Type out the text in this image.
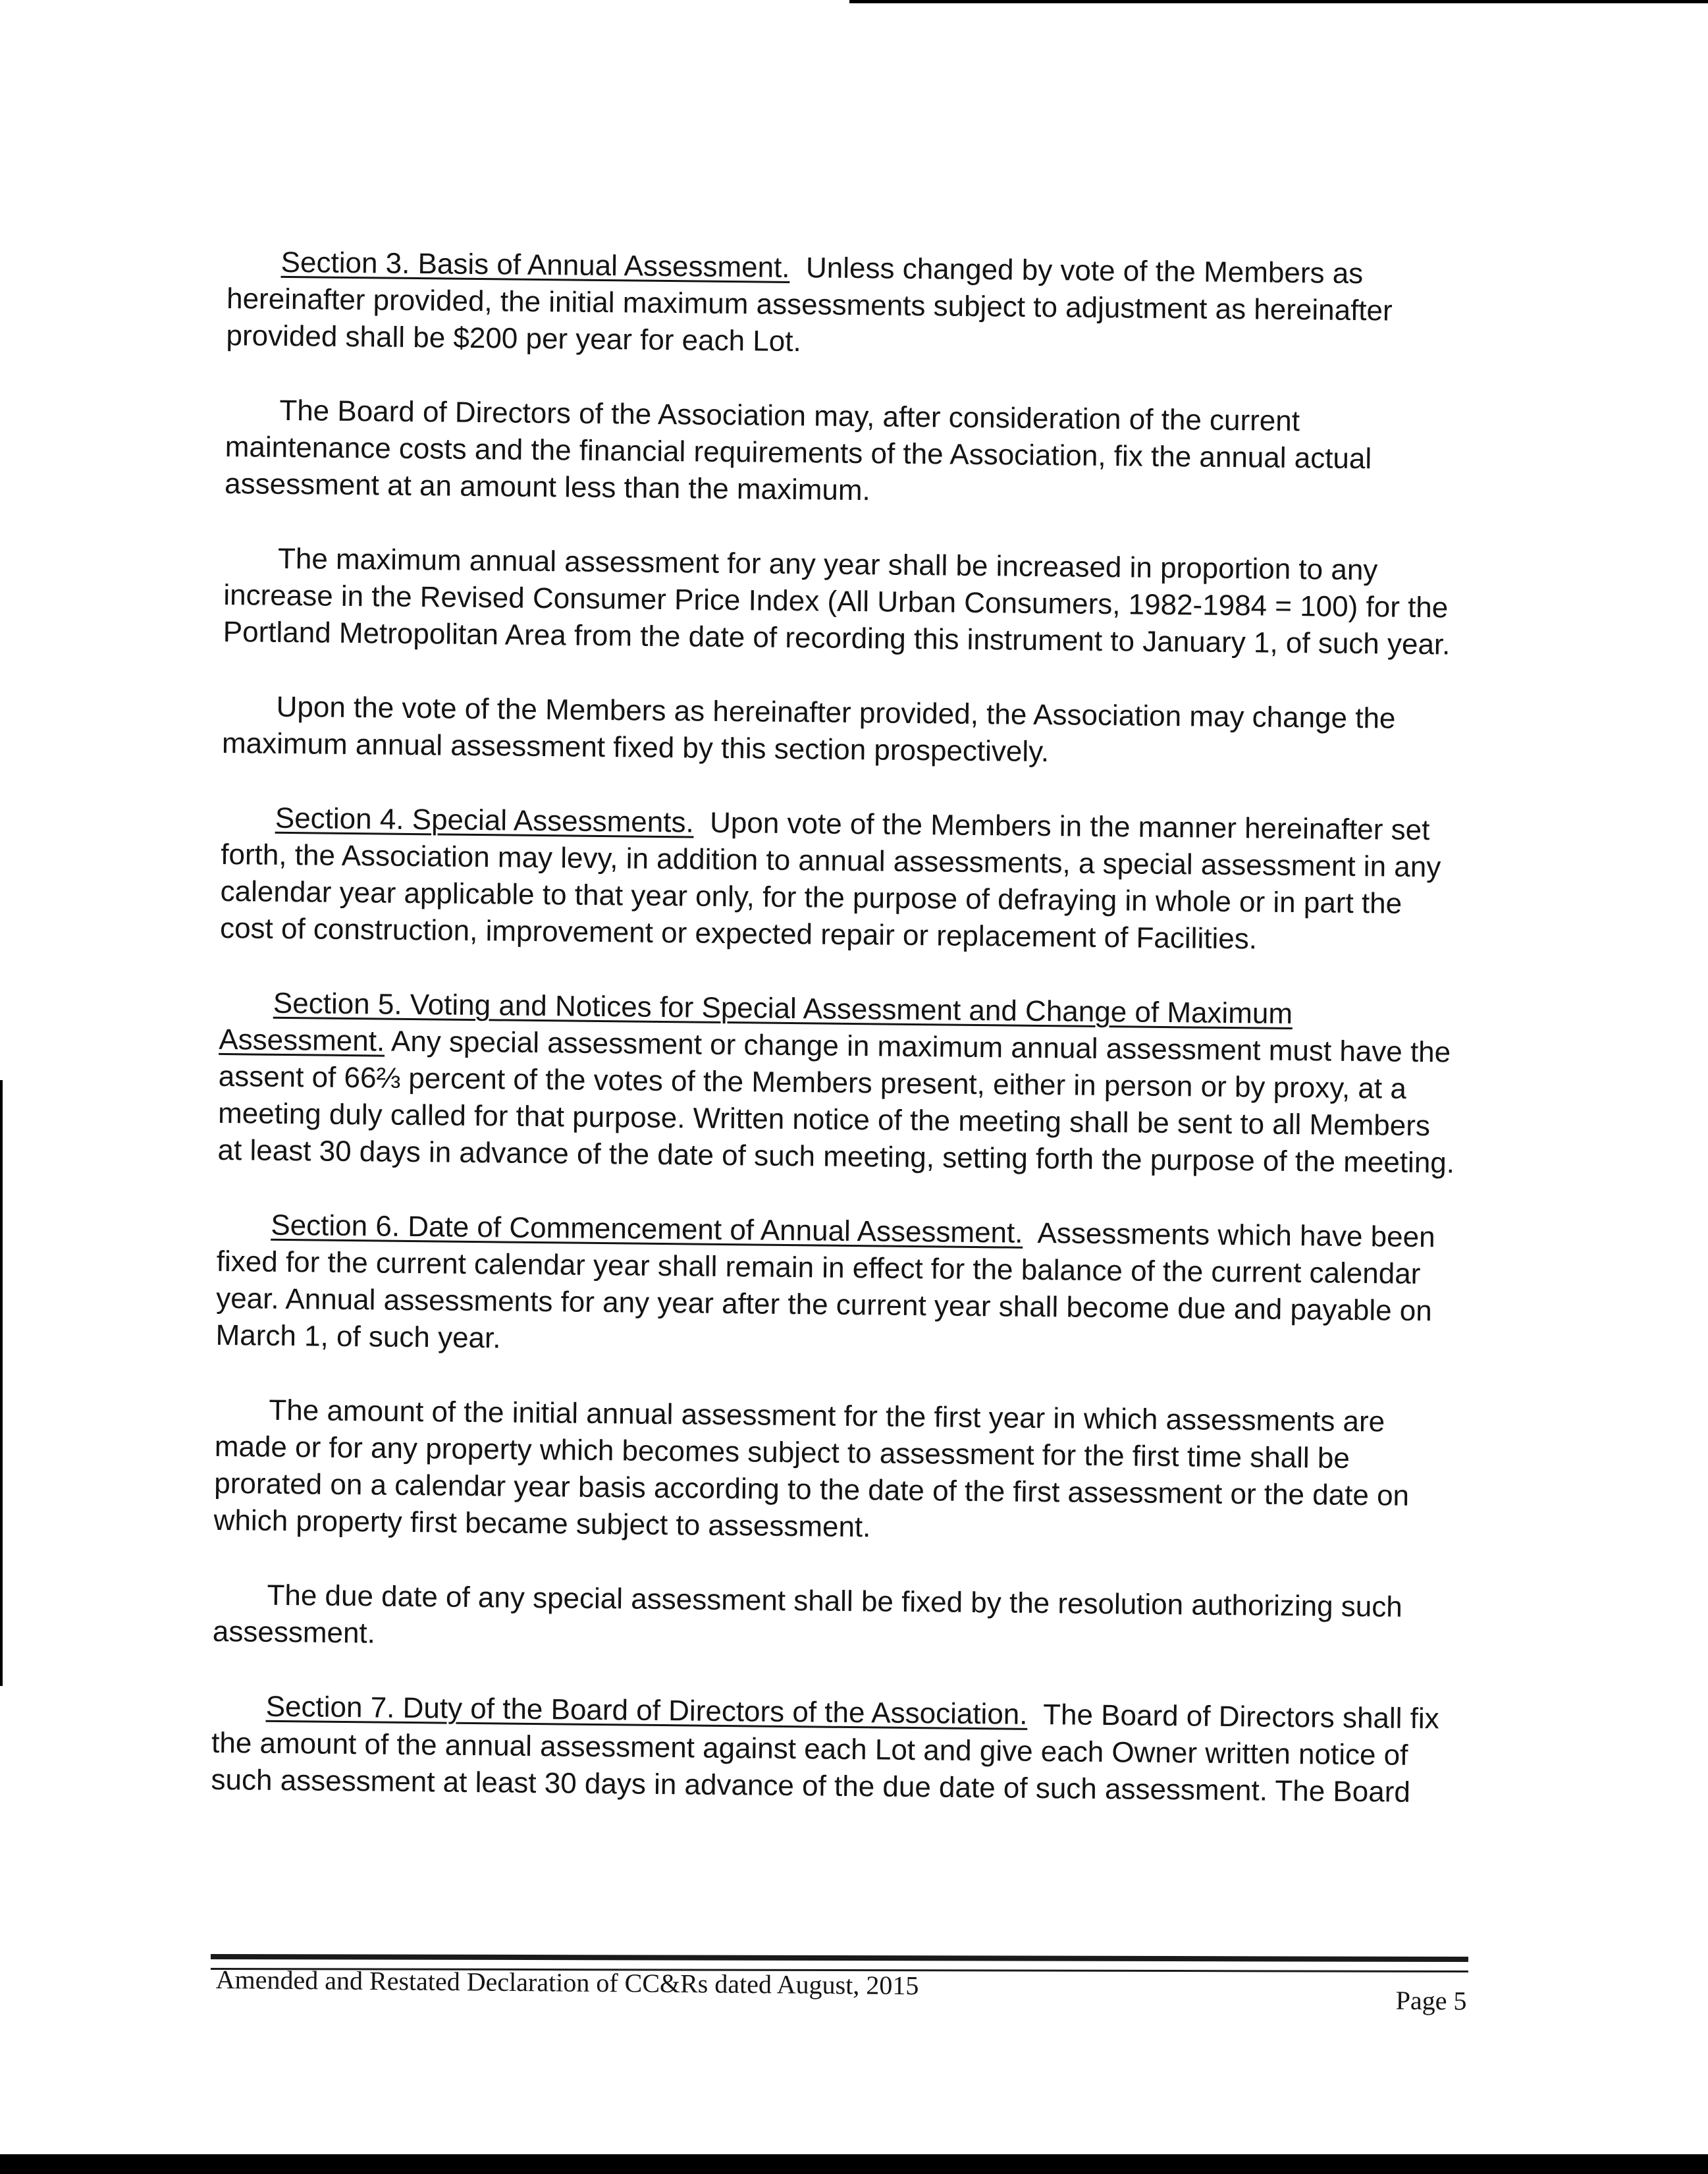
Section 3. Basis of Annual Assessment. Unless changed by vote of the Members as hereinafter provided, the initial maximum assessments subject to adjustment as hereinafter provided shall be $200 per year for each Lot.

The Board of Directors of the Association may, after consideration of the current maintenance costs and the financial requirements of the Association, fix the annual actual assessment at an amount less than the maximum.

The maximum annual assessment for any year shall be increased in proportion to any increase in the Revised Consumer Price Index (All Urban Consumers, 1982-1984 = 100) for the Portland Metropolitan Area from the date of recording this instrument to January 1, of such year.

Upon the vote of the Members as hereinafter provided, the Association may change the maximum annual assessment fixed by this section prospectively.

Section 4. Special Assessments. Upon vote of the Members in the manner hereinafter set forth, the Association may levy, in addition to annual assessments, a special assessment in any calendar year applicable to that year only, for the purpose of defraying in whole or in part the cost of construction, improvement or expected repair or replacement of Facilities.

Section 5. Voting and Notices for Special Assessment and Change of Maximum Assessment. Any special assessment or change in maximum annual assessment must have the assent of 66⅔ percent of the votes of the Members present, either in person or by proxy, at a meeting duly called for that purpose. Written notice of the meeting shall be sent to all Members at least 30 days in advance of the date of such meeting, setting forth the purpose of the meeting.

Section 6. Date of Commencement of Annual Assessment. Assessments which have been fixed for the current calendar year shall remain in effect for the balance of the current calendar year. Annual assessments for any year after the current year shall become due and payable on March 1, of such year.

The amount of the initial annual assessment for the first year in which assessments are made or for any property which becomes subject to assessment for the first time shall be prorated on a calendar year basis according to the date of the first assessment or the date on which property first became subject to assessment.

The due date of any special assessment shall be fixed by the resolution authorizing such assessment.

Section 7. Duty of the Board of Directors of the Association. The Board of Directors shall fix the amount of the annual assessment against each Lot and give each Owner written notice of such assessment at least 30 days in advance of the due date of such assessment. The Board

Amended and Restated Declaration of CC&Rs dated August, 2015
Page 5
